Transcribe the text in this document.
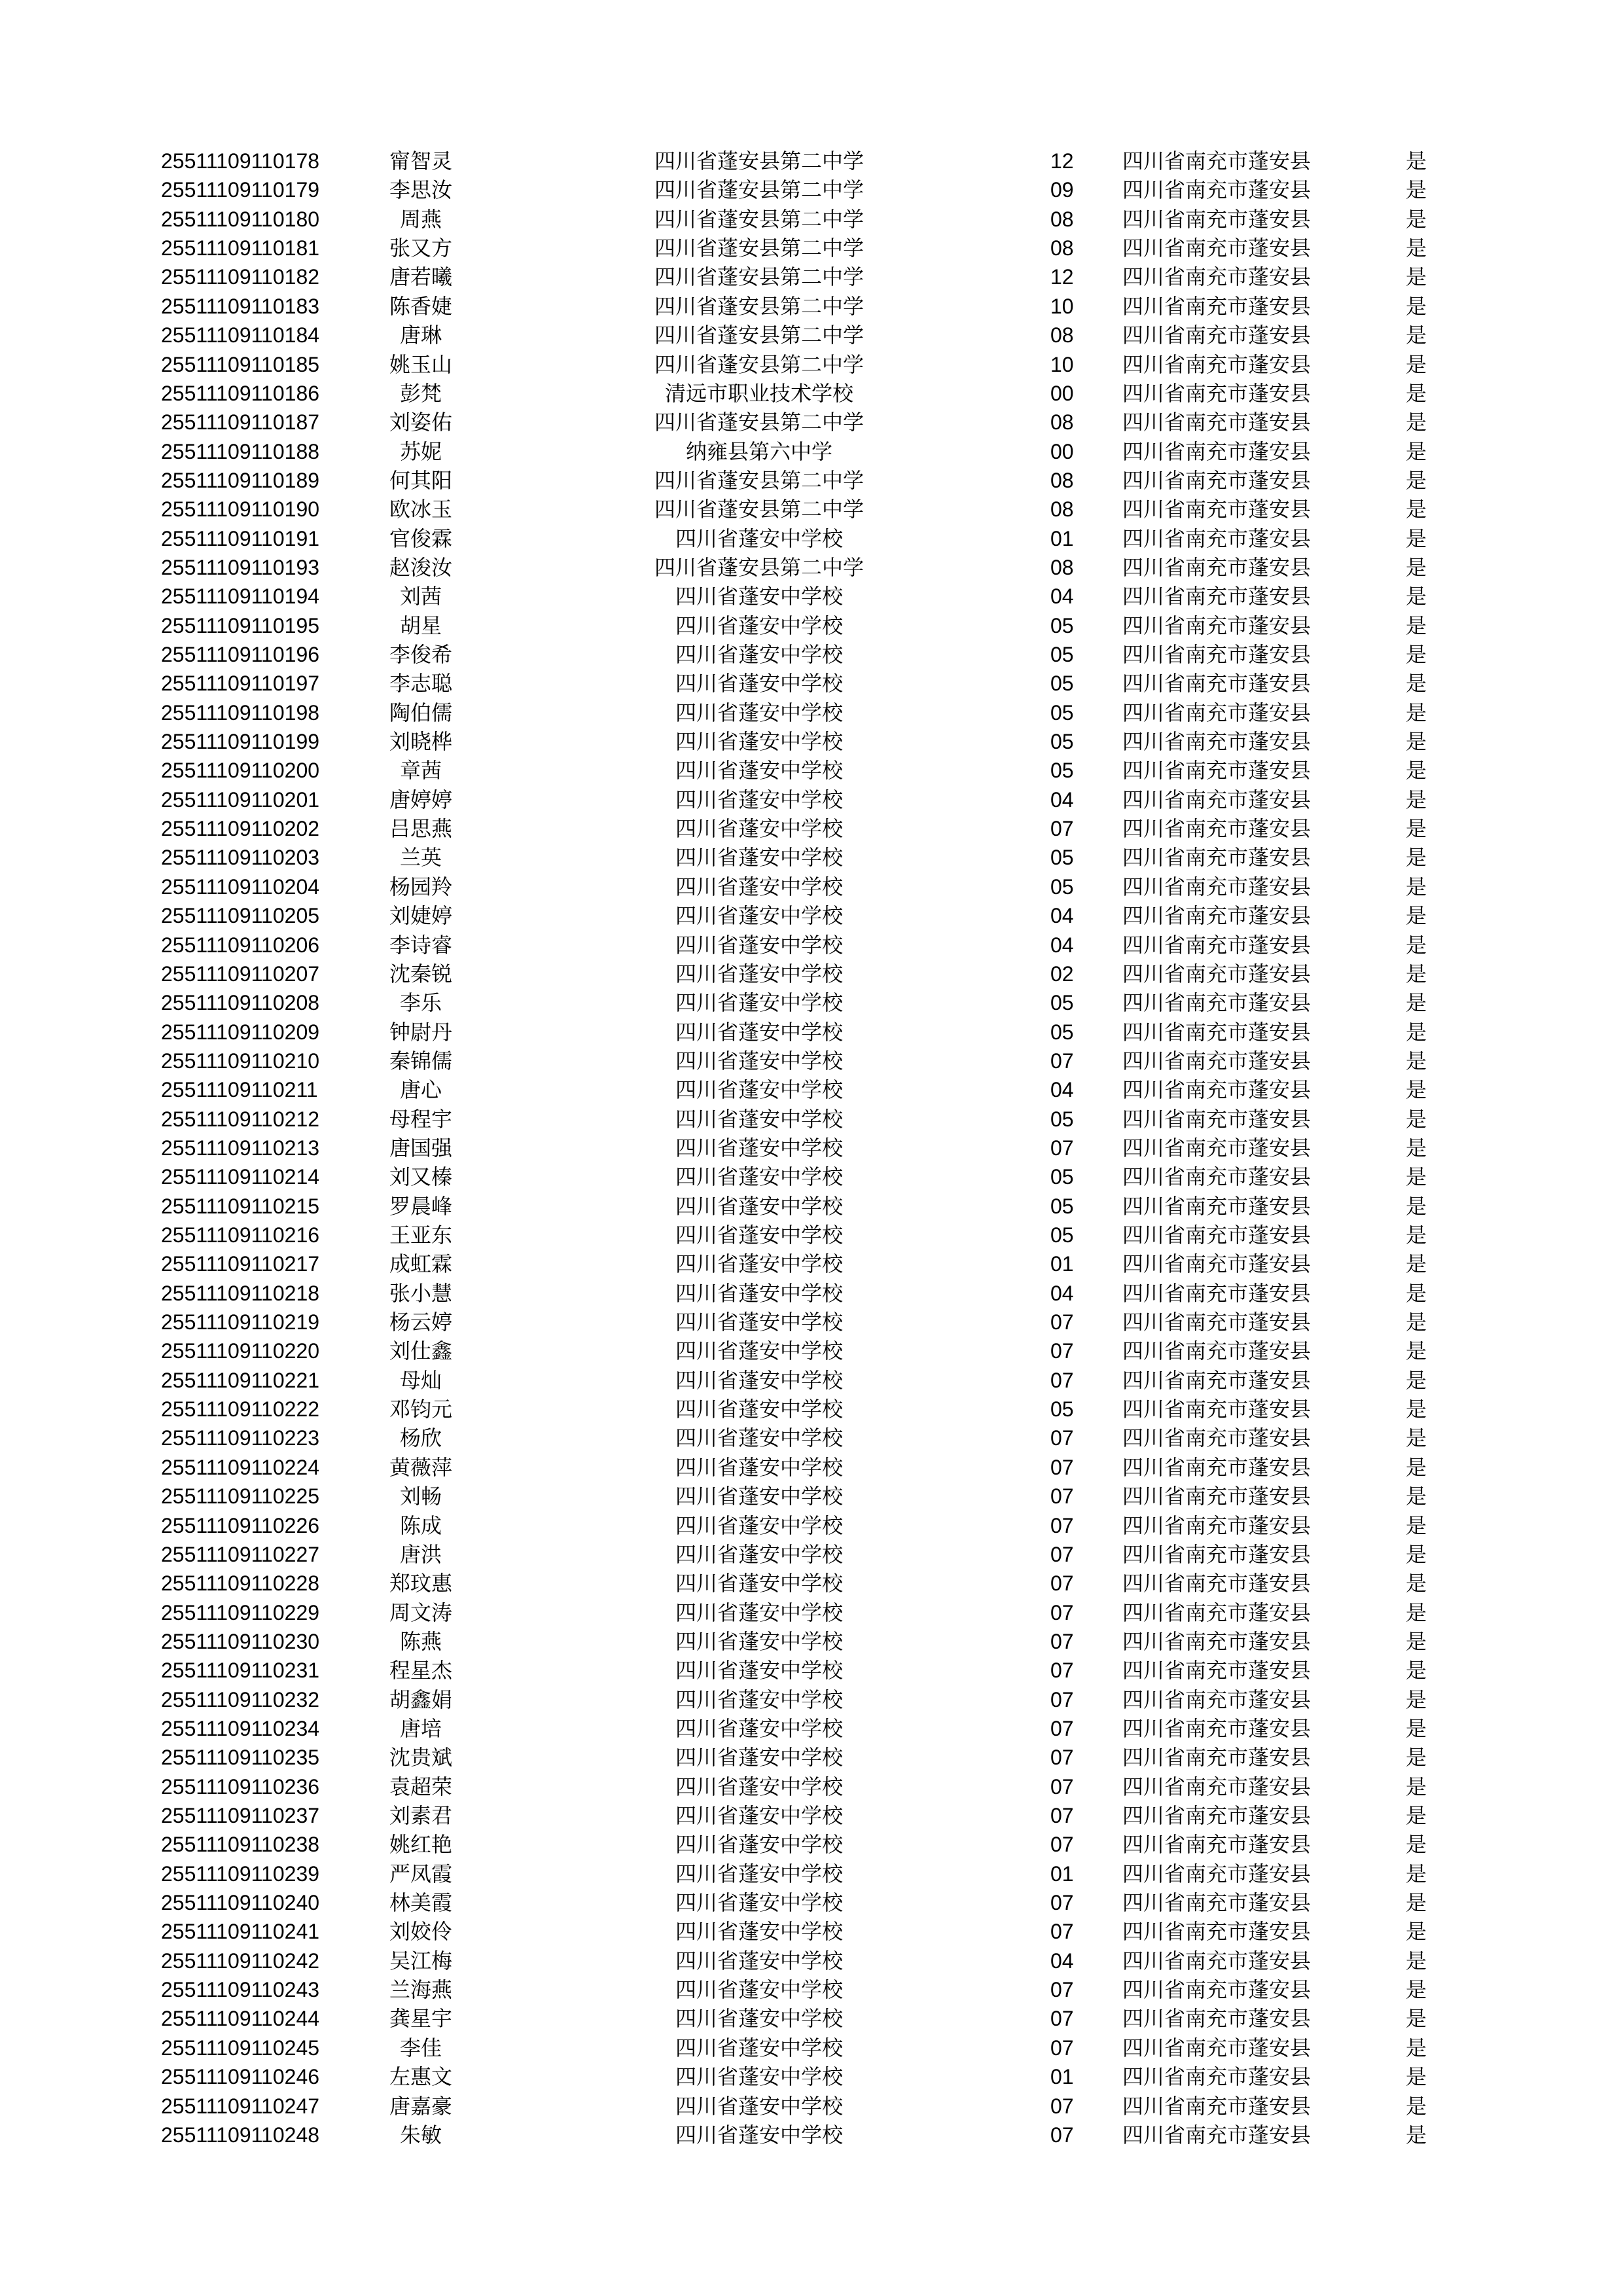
25511109110178	甯智灵	四川省蓬安县第二中学	12 四川省南充市蓬安县	是
25511109110179	李思汝	四川省蓬安县第二中学	09 四川省南充市蓬安县	是
25511109110180	周燕	四川省蓬安县第二中学	08 四川省南充市蓬安县	是
25511109110181	张又方	四川省蓬安县第二中学	08 四川省南充市蓬安县	是
25511109110182	唐若曦	四川省蓬安县第二中学	12 四川省南充市蓬安县	是
25511109110183	陈香婕	四川省蓬安县第二中学	10 四川省南充市蓬安县	是
25511109110184	唐琳	四川省蓬安县第二中学	08 四川省南充市蓬安县	是
25511109110185	姚玉山	四川省蓬安县第二中学	10 四川省南充市蓬安县	是
25511109110186	彭梵	清远市职业技术学校	00 四川省南充市蓬安县	是
25511109110187	刘姿佑	四川省蓬安县第二中学	08 四川省南充市蓬安县	是
25511109110188	苏妮	纳雍县第六中学	00 四川省南充市蓬安县	是
25511109110189	何其阳	四川省蓬安县第二中学	08 四川省南充市蓬安县	是
25511109110190	欧冰玉	四川省蓬安县第二中学	08 四川省南充市蓬安县	是
25511109110191	官俊霖	四川省蓬安中学校	01 四川省南充市蓬安县	是
25511109110193	赵浚汝	四川省蓬安县第二中学	08 四川省南充市蓬安县	是
25511109110194	刘茜	四川省蓬安中学校	04 四川省南充市蓬安县	是
25511109110195	胡星	四川省蓬安中学校	05 四川省南充市蓬安县	是
25511109110196	李俊希	四川省蓬安中学校	05 四川省南充市蓬安县	是
25511109110197	李志聪	四川省蓬安中学校	05 四川省南充市蓬安县	是
25511109110198	陶伯儒	四川省蓬安中学校	05 四川省南充市蓬安县	是
25511109110199	刘晓桦	四川省蓬安中学校	05 四川省南充市蓬安县	是
25511109110200	章茜	四川省蓬安中学校	05 四川省南充市蓬安县	是
25511109110201	唐婷婷	四川省蓬安中学校	04 四川省南充市蓬安县	是
25511109110202	吕思燕	四川省蓬安中学校	07 四川省南充市蓬安县	是
25511109110203	兰英	四川省蓬安中学校	05 四川省南充市蓬安县	是
25511109110204	杨园羚	四川省蓬安中学校	05 四川省南充市蓬安县	是
25511109110205	刘婕婷	四川省蓬安中学校	04 四川省南充市蓬安县	是
25511109110206	李诗睿	四川省蓬安中学校	04 四川省南充市蓬安县	是
25511109110207	沈秦锐	四川省蓬安中学校	02 四川省南充市蓬安县	是
25511109110208	李乐	四川省蓬安中学校	05 四川省南充市蓬安县	是
25511109110209	钟尉丹	四川省蓬安中学校	05 四川省南充市蓬安县	是
25511109110210	秦锦儒	四川省蓬安中学校	07 四川省南充市蓬安县	是
25511109110211	唐心	四川省蓬安中学校	04 四川省南充市蓬安县	是
25511109110212	母程宇	四川省蓬安中学校	05 四川省南充市蓬安县	是
25511109110213	唐国强	四川省蓬安中学校	07 四川省南充市蓬安县	是
25511109110214	刘又榛	四川省蓬安中学校	05 四川省南充市蓬安县	是
25511109110215	罗晨峰	四川省蓬安中学校	05 四川省南充市蓬安县	是
25511109110216	王亚东	四川省蓬安中学校	05 四川省南充市蓬安县	是
25511109110217	成虹霖	四川省蓬安中学校	01 四川省南充市蓬安县	是
25511109110218	张小慧	四川省蓬安中学校	04 四川省南充市蓬安县	是
25511109110219	杨云婷	四川省蓬安中学校	07 四川省南充市蓬安县	是
25511109110220	刘仕鑫	四川省蓬安中学校	07 四川省南充市蓬安县	是
25511109110221	母灿	四川省蓬安中学校	07 四川省南充市蓬安县	是
25511109110222	邓钧元	四川省蓬安中学校	05 四川省南充市蓬安县	是
25511109110223	杨欣	四川省蓬安中学校	07 四川省南充市蓬安县	是
25511109110224	黄薇萍	四川省蓬安中学校	07 四川省南充市蓬安县	是
25511109110225	刘畅	四川省蓬安中学校	07 四川省南充市蓬安县	是
25511109110226	陈成	四川省蓬安中学校	07 四川省南充市蓬安县	是
25511109110227	唐洪	四川省蓬安中学校	07 四川省南充市蓬安县	是
25511109110228	郑玟惠	四川省蓬安中学校	07 四川省南充市蓬安县	是
25511109110229	周文涛	四川省蓬安中学校	07 四川省南充市蓬安县	是
25511109110230	陈燕	四川省蓬安中学校	07 四川省南充市蓬安县	是
25511109110231	程星杰	四川省蓬安中学校	07 四川省南充市蓬安县	是
25511109110232	胡鑫娟	四川省蓬安中学校	07 四川省南充市蓬安县	是
25511109110234	唐培	四川省蓬安中学校	07 四川省南充市蓬安县	是
25511109110235	沈贵斌	四川省蓬安中学校	07 四川省南充市蓬安县	是
25511109110236	袁超荣	四川省蓬安中学校	07 四川省南充市蓬安县	是
25511109110237	刘素君	四川省蓬安中学校	07 四川省南充市蓬安县	是
25511109110238	姚红艳	四川省蓬安中学校	07 四川省南充市蓬安县	是
25511109110239	严凤霞	四川省蓬安中学校	01 四川省南充市蓬安县	是
25511109110240	林美霞	四川省蓬安中学校	07 四川省南充市蓬安县	是
25511109110241	刘姣伶	四川省蓬安中学校	07 四川省南充市蓬安县	是
25511109110242	吴江梅	四川省蓬安中学校	04 四川省南充市蓬安县	是
25511109110243	兰海燕	四川省蓬安中学校	07 四川省南充市蓬安县	是
25511109110244	龚星宇	四川省蓬安中学校	07 四川省南充市蓬安县	是
25511109110245	李佳	四川省蓬安中学校	07 四川省南充市蓬安县	是
25511109110246	左惠文	四川省蓬安中学校	01 四川省南充市蓬安县	是
25511109110247	唐嘉豪	四川省蓬安中学校	07 四川省南充市蓬安县	是
25511109110248	朱敏	四川省蓬安中学校	07 四川省南充市蓬安县	是
